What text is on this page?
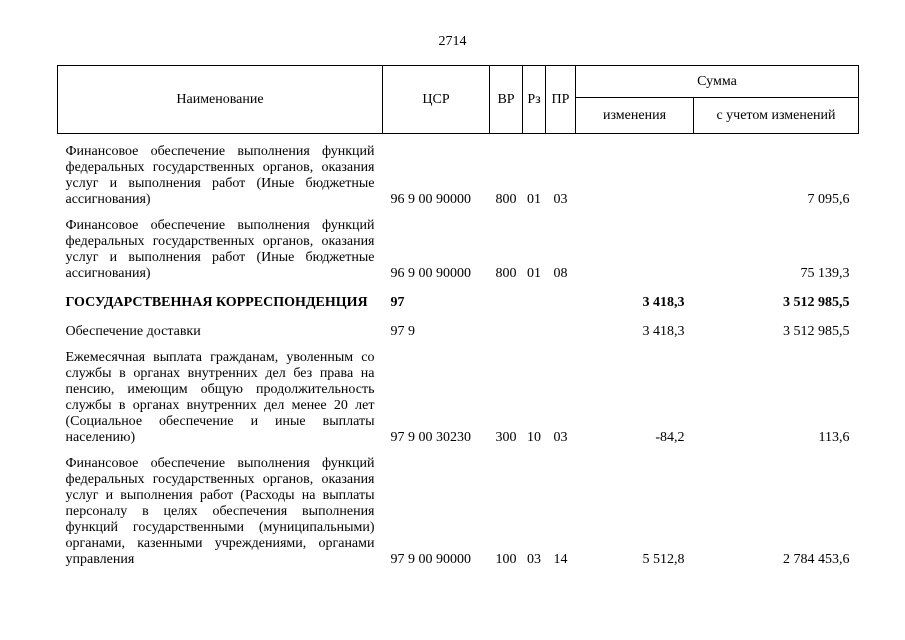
2714
Наименование	ЦСР	ВР	Рз	ПР	Сумма	
					изменения	с учетом изменений
Финансовое обеспечение выполнения функций федеральных государственных органов, оказания услуг и выполнения работ (Иные бюджетные ассигнования)	96 9 00 90000	800	01	03		7 095,6
Финансовое обеспечение выполнения функций федеральных государственных органов, оказания услуг и выполнения работ (Иные бюджетные ассигнования)	96 9 00 90000	800	01	08		75 139,3
ГОСУДАРСТВЕННАЯ КОРРЕСПОНДЕНЦИЯ	97				3 418,3	3 512 985,5
Обеспечение доставки	97 9				3 418,3	3 512 985,5
Ежемесячная выплата гражданам, уволенным со службы в органах внутренних дел без права на пенсию, имеющим общую продолжительность службы в органах внутренних дел менее 20 лет (Социальное обеспечение и иные выплаты населению)	97 9 00 30230	300	10	03	-84,2	113,6
Финансовое обеспечение выполнения функций федеральных государственных органов, оказания услуг и выполнения работ (Расходы на выплаты персоналу в целях обеспечения выполнения функций государственными (муниципальными) органами, казенными учреждениями, органами управления	97 9 00 90000	100	03	14	5 512,8	2 784 453,6
